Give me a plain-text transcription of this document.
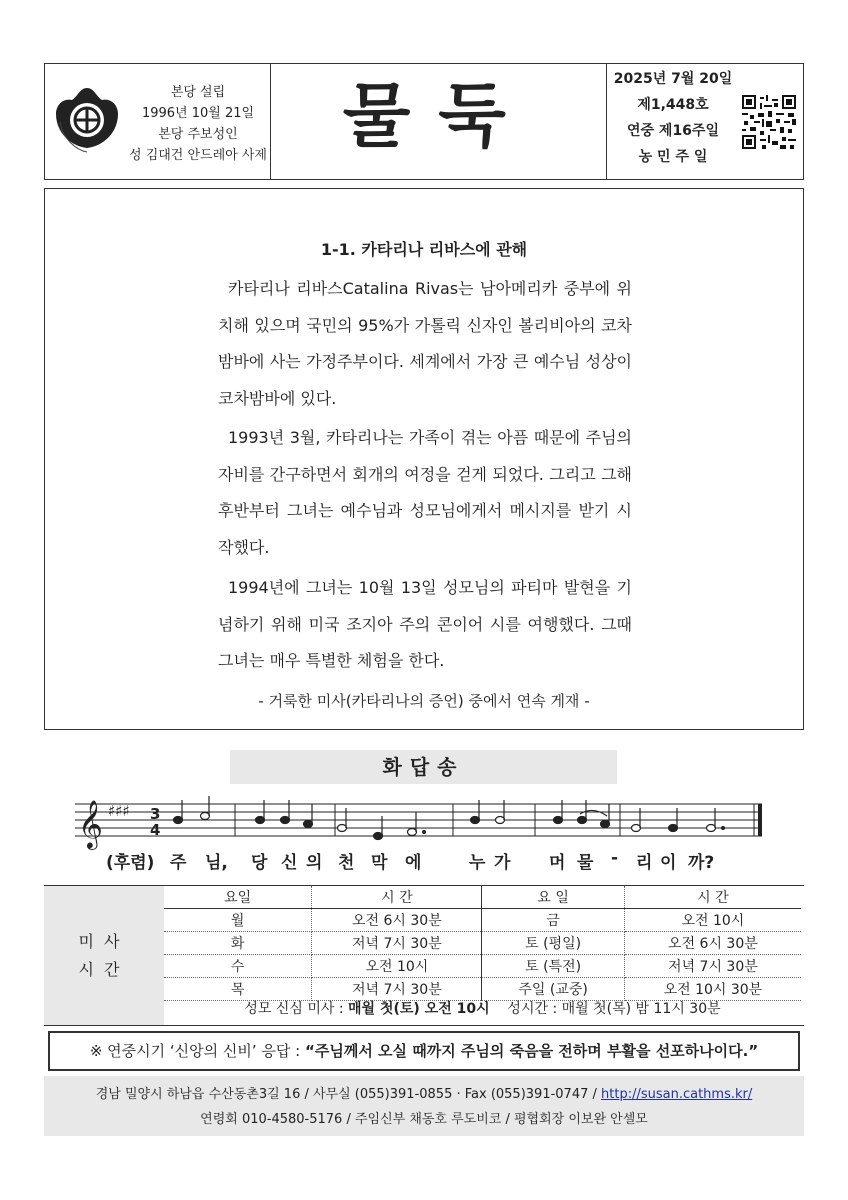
본당 설립
1996년 10월 21일
본당 주보성인
성 김대건 안드레아 사제	물둑	2025년 7월 20일
제1,448호
연중 제16주일
농 민 주 일
1-1. 카타리나 리바스에 관해
카타리나 리바스Catalina Rivas는 남아메리카 중부에 위치해 있으며 국민의 95%가 가톨릭 신자인 볼리비아의 코차밤바에 사는 가정주부이다. 세계에서 가장 큰 예수님 성상이 코차밤바에 있다.
1993년 3월, 카타리나는 가족이 겪는 아픔 때문에 주님의 자비를 간구하면서 회개의 여정을 걷게 되었다. 그리고 그해 후반부터 그녀는 예수님과 성모님에게서 메시지를 받기 시작했다.
1994년에 그녀는 10월 13일 성모님의 파티마 발현을 기념하기 위해 미국 조지아 주의 콘이어 시를 여행했다. 그때 그녀는 매우 특별한 체험을 한다.
- 거룩한 미사(카타리나의 증언) 중에서 연속 게재 -
화답송
𝄞 ♯♯♯ 3
4
(후렴) 주 님, 당 신 의 천 막 에	누 가 머 물 - 리 이 까?
미사 시간
요일	시 간	요 일	시 간
월	오전 6시 30분	금	오전 10시
화	저녁 7시 30분	토 (평일)	오전 6시 30분
수	오전 10시	토 (특전)	저녁 7시 30분
목	저녁 7시 30분	주일 (교중)	오전 10시 30분
성모 신심 미사 : 매월 첫(토) 오전 10시 성시간 : 매월 첫(목) 밤 11시 30분
※ 연중시기 ‘신앙의 신비’ 응답 : “주님께서 오실 때까지 주님의 죽음을 전하며 부활을 선포하나이다.”
경남 밀양시 하남읍 수산동촌3길 16 / 사무실 (055)391-0855 · Fax (055)391-0747 / http://susan.cathms.kr/
연령회 010-4580-5176 / 주임신부 채동호 루도비코 / 평협회장 이보완 안셀모
